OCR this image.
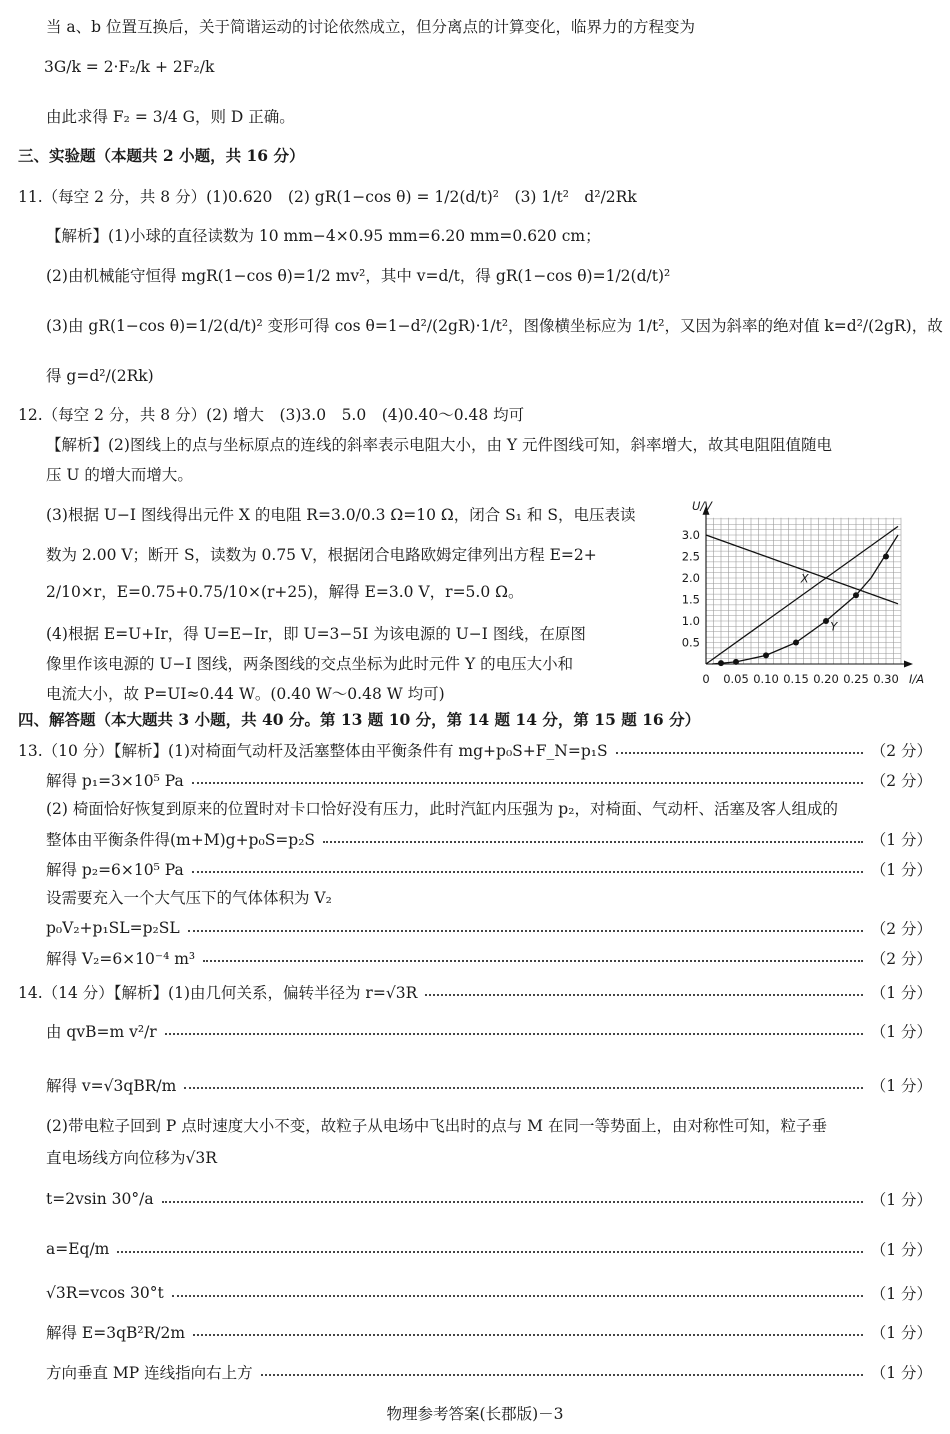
当 a、b 位置互换后，关于简谐运动的讨论依然成立，但分离点的计算变化，临界力的方程变为
3G/k = 2·F₂/k + 2F₂/k
由此求得 F₂ = 3/4 G，则 D 正确。
三、实验题（本题共 2 小题，共 16 分）
11.（每空 2 分，共 8 分）(1)0.620　(2) gR(1−cos θ) = 1/2(d/t)²　(3) 1/t²　d²/2Rk
【解析】(1)小球的直径读数为 10 mm−4×0.95 mm=6.20 mm=0.620 cm；
(2)由机械能守恒得 mgR(1−cos θ)=1/2 mv²，其中 v=d/t，得 gR(1−cos θ)=1/2(d/t)²
(3)由 gR(1−cos θ)=1/2(d/t)² 变形可得 cos θ=1−d²/(2gR)·1/t²，图像横坐标应为 1/t²，又因为斜率的绝对值 k=d²/(2gR)，故
得 g=d²/(2Rk)
12.（每空 2 分，共 8 分）(2) 增大　(3)3.0　5.0　(4)0.40～0.48 均可
【解析】(2)图线上的点与坐标原点的连线的斜率表示电阻大小，由 Y 元件图线可知，斜率增大，故其电阻阻值随电
压 U 的增大而增大。
(3)根据 U−I 图线得出元件 X 的电阻 R=3.0/0.3 Ω=10 Ω，闭合 S₁ 和 S，电压表读
数为 2.00 V；断开 S，读数为 0.75 V，根据闭合电路欧姆定律列出方程 E=2+
2/10×r，E=0.75+0.75/10×(r+25)，解得 E=3.0 V，r=5.0 Ω。
(4)根据 E=U+Ir，得 U=E−Ir，即 U=3−5I 为该电源的 U−I 图线，在原图
像里作该电源的 U−I 图线，两条图线的交点坐标为此时元件 Y 的电压大小和
电流大小，故 P=UI≈0.44 W。(0.40 W～0.48 W 均可)
0 0.05 0.10 0.15 0.20 0.25 0.30
0.5
1.0
1.5
2.0
2.5
3.0
U/V
I/A
X
Y
四、解答题（本大题共 3 小题，共 40 分。第 13 题 10 分，第 14 题 14 分，第 15 题 16 分）
13.（10 分）【解析】(1)对椅面气动杆及活塞整体由平衡条件有 mg+p₀S+F_N=p₁S	（2 分）
解得 p₁=3×10⁵ Pa	（2 分）
(2) 椅面恰好恢复到原来的位置时对卡口恰好没有压力，此时汽缸内压强为 p₂，对椅面、气动杆、活塞及客人组成的
整体由平衡条件得(m+M)g+p₀S=p₂S	（1 分）
解得 p₂=6×10⁵ Pa	（1 分）
设需要充入一个大气压下的气体体积为 V₂
p₀V₂+p₁SL=p₂SL	（2 分）
解得 V₂=6×10⁻⁴ m³	（2 分）
14.（14 分）【解析】(1)由几何关系，偏转半径为 r=√3R	（1 分）
由 qvB=m v²/r	（1 分）
解得 v=√3qBR/m	（1 分）
(2)带电粒子回到 P 点时速度大小不变，故粒子从电场中飞出时的点与 M 在同一等势面上，由对称性可知，粒子垂
直电场线方向位移为√3R
t=2vsin 30°/a	（1 分）
a=Eq/m	（1 分）
√3R=vcos 30°t	（1 分）
解得 E=3qB²R/2m	（1 分）
方向垂直 MP 连线指向右上方	（1 分）
物理参考答案(长郡版)－3
